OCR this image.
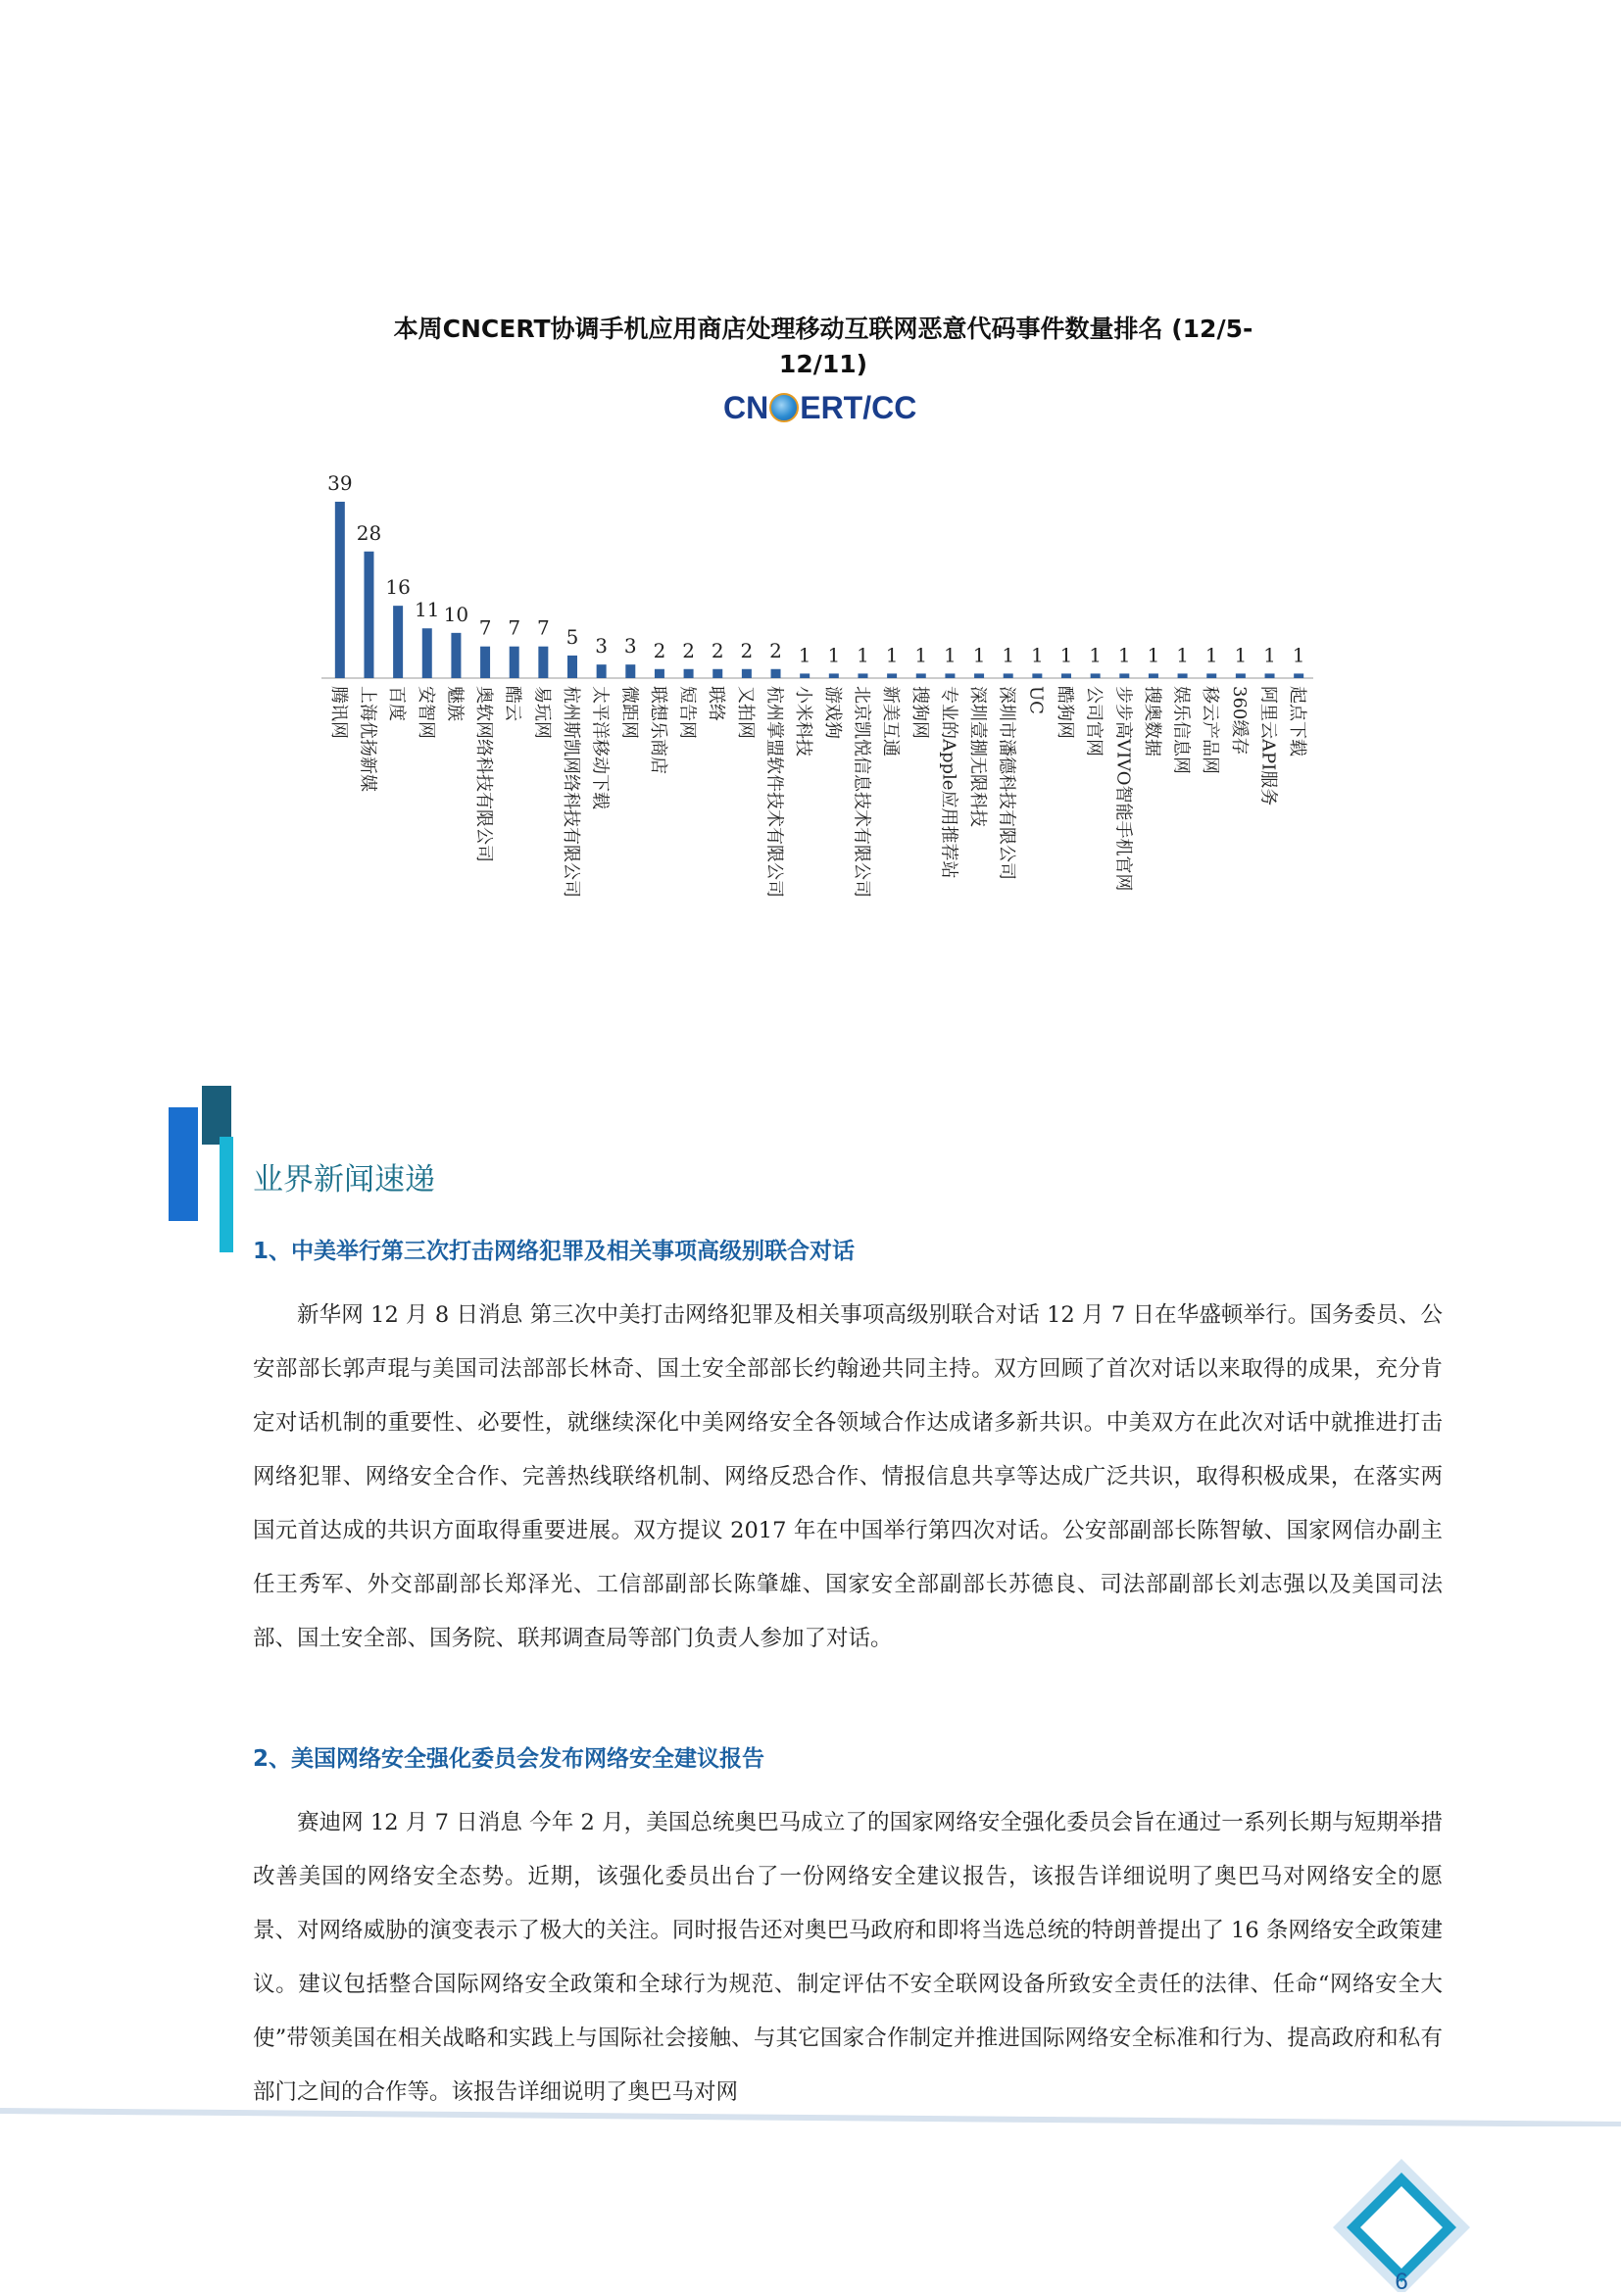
本周CNCERT协调手机应用商店处理移动互联网恶意代码事件数量排名 (12/5-12/11)
CN ERT/CC
39
腾讯网
28
上海优扬新媒
16
百度
11
安智网
10
魅族
7
奥软网络科技有限公司
7
酷云
7
易玩网
5
杭州斯凯网络科技有限公司
3
太平洋移动下载
3
微距网
2
联想乐商店
2
短告网
2
联络
2
又拍网
2
杭州掌盟软件技术有限公司
1
小米科技
1
游戏狗
1
北京凯悦信息技术有限公司
1
新美互通
1
搜狗网
1
专业的Apple应用推荐站
1
深圳壹捌无限科技
1
深圳市潘德科技有限公司
1
UC
1
酷狗网
1
公司官网
1
步步高VIVO智能手机官网
1
搜奥数据
1
娱乐信息网
1
移云产品网
1
360缓存
1
阿里云API服务
1
起点下载
业界新闻速递
1、中美举行第三次打击网络犯罪及相关事项高级别联合对话

新华网 12 月 8 日消息 第三次中美打击网络犯罪及相关事项高级别联合对话 12 月 7 日在华盛顿举行。国务委员、公安部部长郭声琨与美国司法部部长林奇、国土安全部部长约翰逊共同主持。双方回顾了首次对话以来取得的成果，充分肯定对话机制的重要性、必要性，就继续深化中美网络安全各领域合作达成诸多新共识。中美双方在此次对话中就推进打击网络犯罪、网络安全合作、完善热线联络机制、网络反恐合作、情报信息共享等达成广泛共识，取得积极成果，在落实两国元首达成的共识方面取得重要进展。双方提议 2017 年在中国举行第四次对话。公安部副部长陈智敏、国家网信办副主任王秀军、外交部副部长郑泽光、工信部副部长陈肇雄、国家安全部副部长苏德良、司法部副部长刘志强以及美国司法部、国土安全部、国务院、联邦调查局等部门负责人参加了对话。

2、美国网络安全强化委员会发布网络安全建议报告

赛迪网 12 月 7 日消息 今年 2 月，美国总统奥巴马成立了的国家网络安全强化委员会旨在通过一系列长期与短期举措改善美国的网络安全态势。近期，该强化委员出台了一份网络安全建议报告，该报告详细说明了奥巴马对网络安全的愿景、对网络威胁的演变表示了极大的关注。同时报告还对奥巴马政府和即将当选总统的特朗普提出了 16 条网络安全政策建议。建议包括整合国际网络安全政策和全球行为规范、制定评估不安全联网设备所致安全责任的法律、任命“网络安全大使”带领美国在相关战略和实践上与国际社会接触、与其它国家合作制定并推进国际网络安全标准和行为、提高政府和私有部门之间的合作等。该报告详细说明了奥巴马对网

6
